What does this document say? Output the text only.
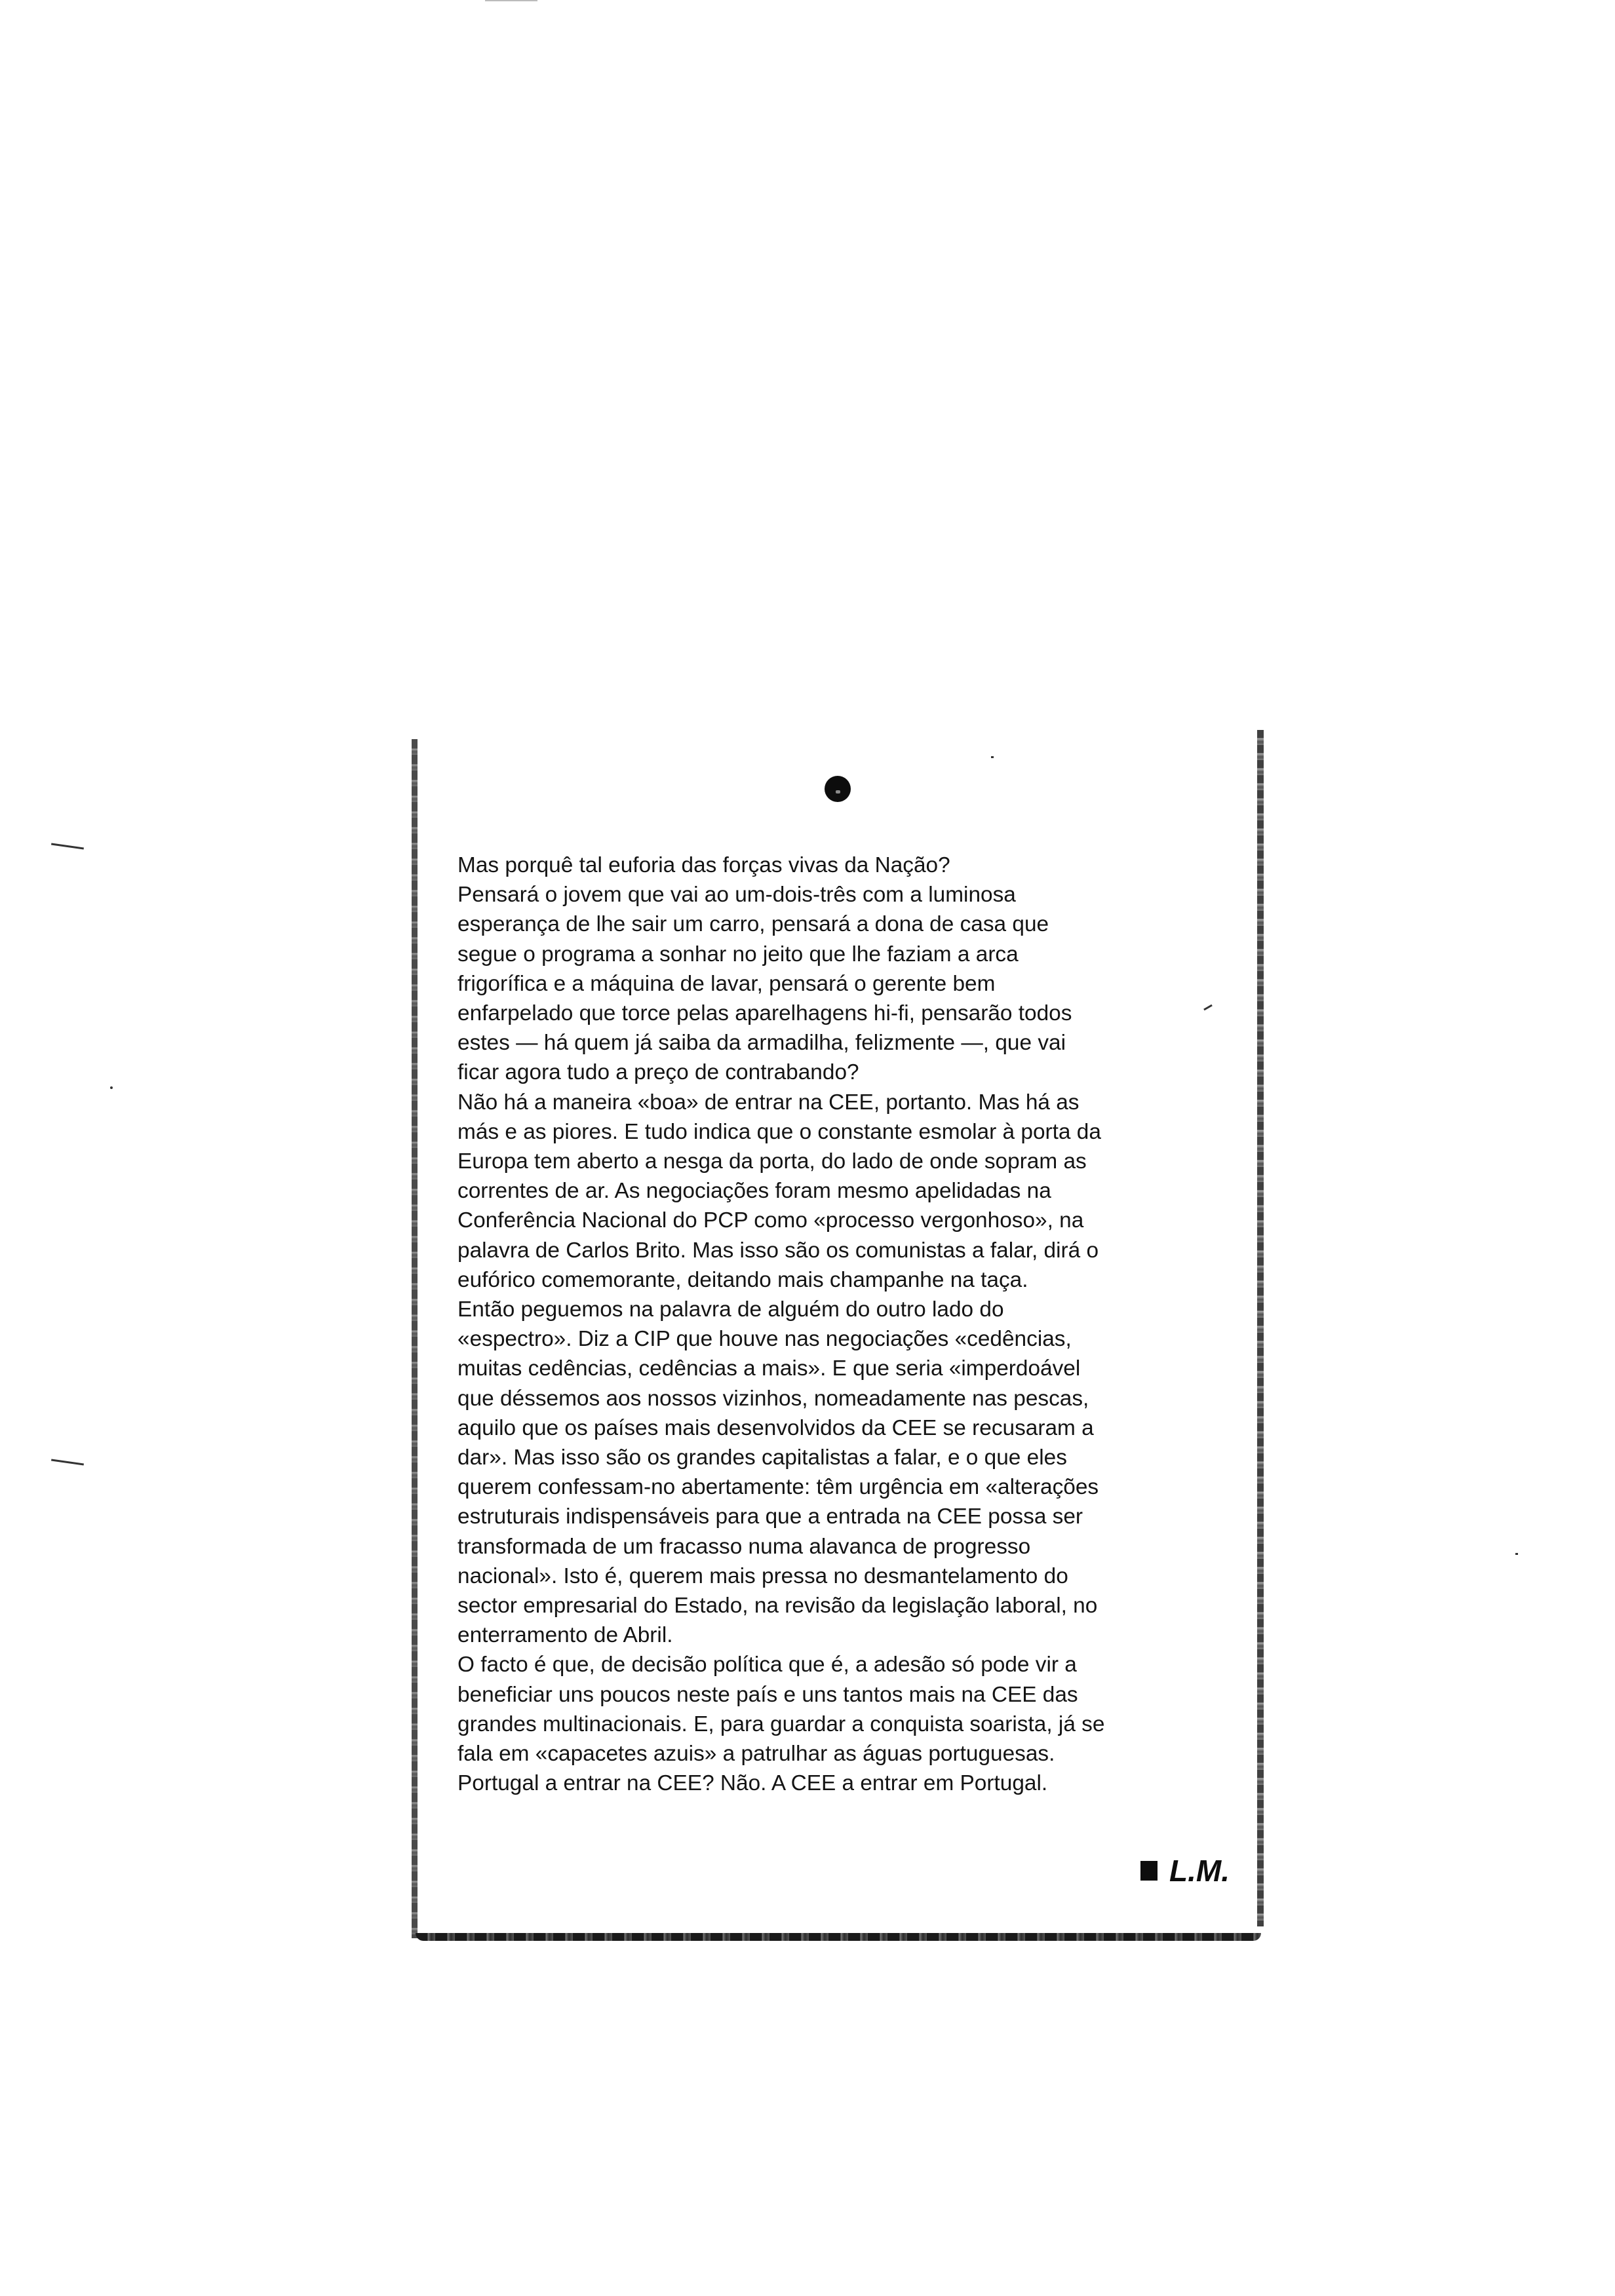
Mas porquê tal euforia das forças vivas da Nação?
Pensará o jovem que vai ao um-dois-três com a luminosa
esperança de lhe sair um carro, pensará a dona de casa que
segue o programa a sonhar no jeito que lhe faziam a arca
frigorífica e a máquina de lavar, pensará o gerente bem
enfarpelado que torce pelas aparelhagens hi-fi, pensarão todos
estes — há quem já saiba da armadilha, felizmente —, que vai
ficar agora tudo a preço de contrabando?
Não há a maneira «boa» de entrar na CEE, portanto. Mas há as
más e as piores. E tudo indica que o constante esmolar à porta da
Europa tem aberto a nesga da porta, do lado de onde sopram as
correntes de ar. As negociações foram mesmo apelidadas na
Conferência Nacional do PCP como «processo vergonhoso», na
palavra de Carlos Brito. Mas isso são os comunistas a falar, dirá o
eufórico comemorante, deitando mais champanhe na taça.
Então peguemos na palavra de alguém do outro lado do
«espectro». Diz a CIP que houve nas negociações «cedências,
muitas cedências, cedências a mais». E que seria «imperdoável
que déssemos aos nossos vizinhos, nomeadamente nas pescas,
aquilo que os países mais desenvolvidos da CEE se recusaram a
dar». Mas isso são os grandes capitalistas a falar, e o que eles
querem confessam-no abertamente: têm urgência em «alterações
estruturais indispensáveis para que a entrada na CEE possa ser
transformada de um fracasso numa alavanca de progresso
nacional». Isto é, querem mais pressa no desmantelamento do
sector empresarial do Estado, na revisão da legislação laboral, no
enterramento de Abril.
O facto é que, de decisão política que é, a adesão só pode vir a
beneficiar uns poucos neste país e uns tantos mais na CEE das
grandes multinacionais. E, para guardar a conquista soarista, já se
fala em «capacetes azuis» a patrulhar as águas portuguesas.
Portugal a entrar na CEE? Não. A CEE a entrar em Portugal.

L.M.
